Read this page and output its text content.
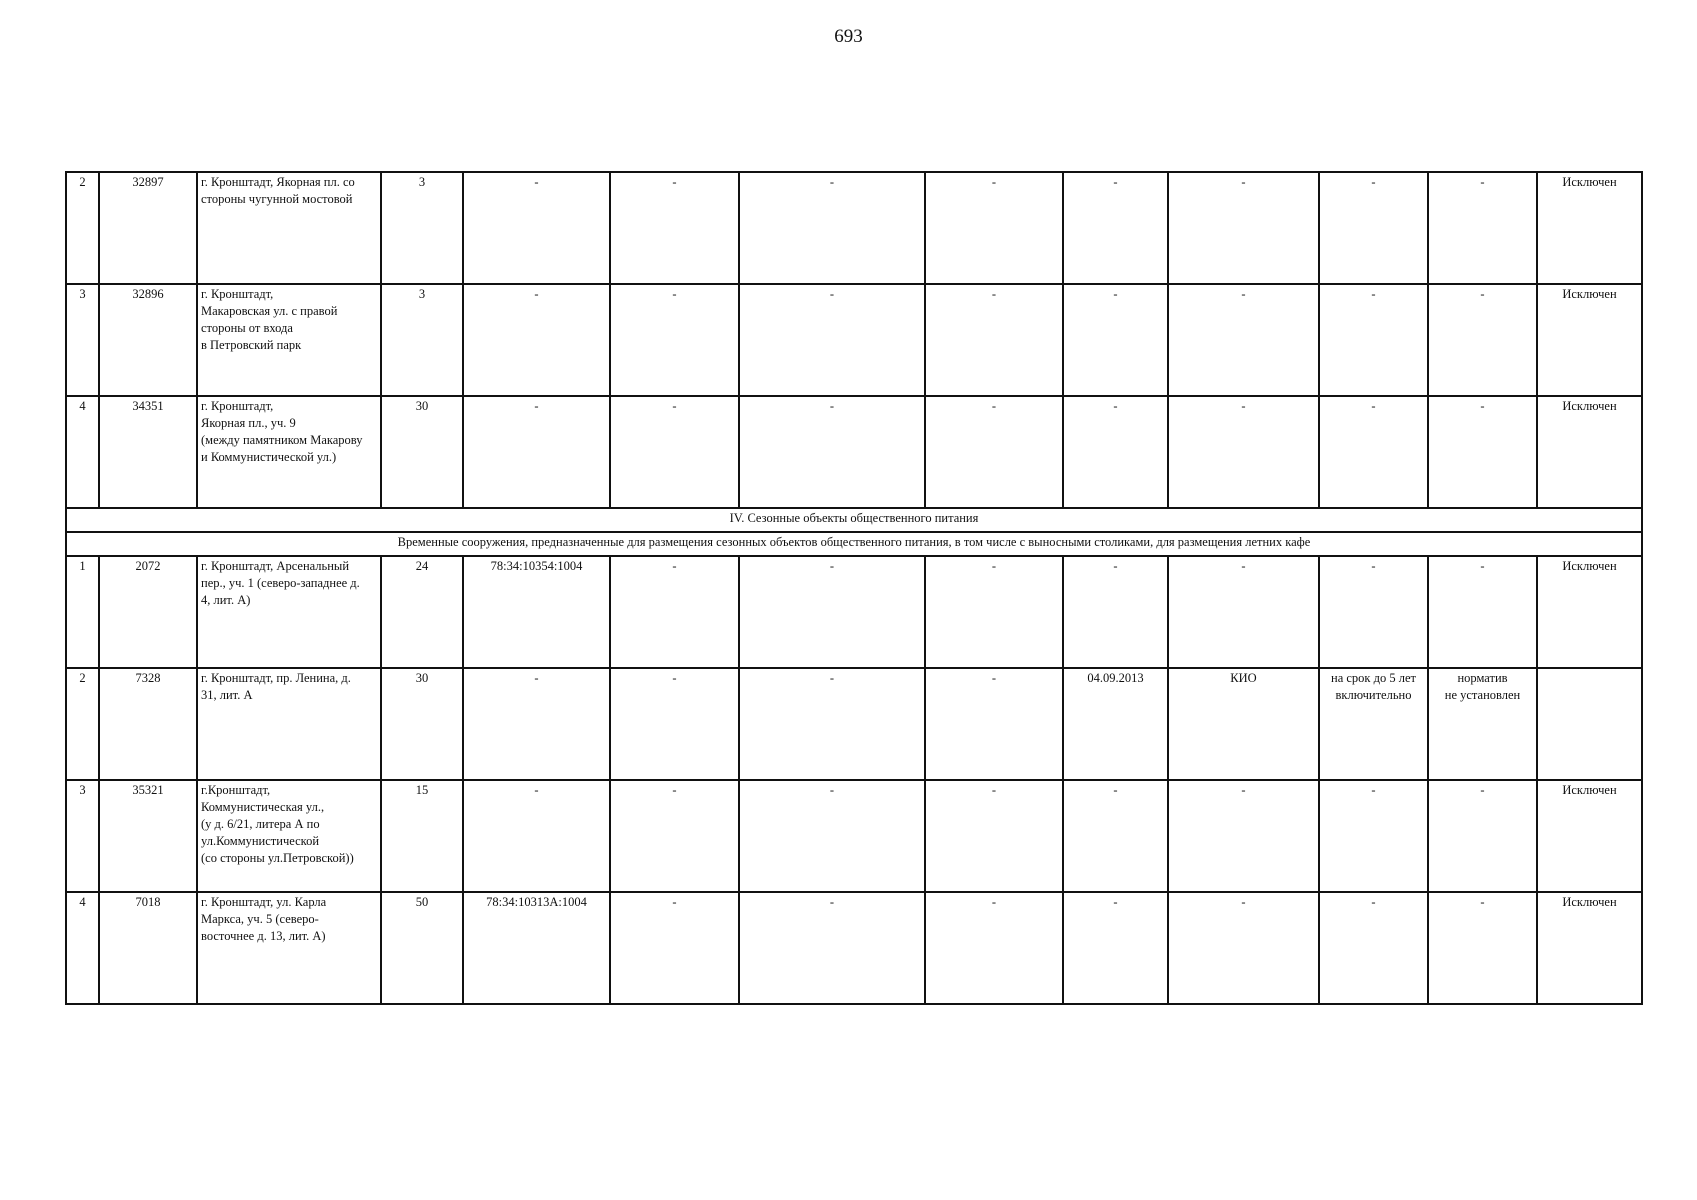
693
2	32897	г. Кронштадт, Якорная пл. со
стороны чугунной мостовой	3	-	-	-	-	-	-	-	-	Исключен
3	32896	г. Кронштадт,
Макаровская ул. с правой
стороны от входа
в Петровский парк	3	-	-	-	-	-	-	-	-	Исключен
4	34351	г. Кронштадт,
Якорная пл., уч. 9
(между памятником Макарову
и Коммунистической ул.)	30	-	-	-	-	-	-	-	-	Исключен
IV. Сезонные объекты общественного питания												
Временные сооружения, предназначенные для размещения сезонных объектов общественного питания, в том числе с выносными столиками, для размещения летних кафе												
1	2072	г. Кронштадт, Арсенальный
пер., уч. 1 (северо-западнее д.
4, лит. А)	24	78:34:10354:1004	-	-	-	-	-	-	-	Исключен
2	7328	г. Кронштадт, пр. Ленина, д.
31, лит. А	30	-	-	-	-	04.09.2013	КИО	на срок до 5 лет
включительно	норматив
не установлен	
3	35321	г.Кронштадт,
Коммунистическая ул.,
(у д. 6/21, литера А по
ул.Коммунистической
(со стороны ул.Петровской))	15	-	-	-	-	-	-	-	-	Исключен
4	7018	г. Кронштадт, ул. Карла
Маркса, уч. 5 (северо-
восточнее д. 13, лит. А)	50	78:34:10313А:1004	-	-	-	-	-	-	-	Исключен
